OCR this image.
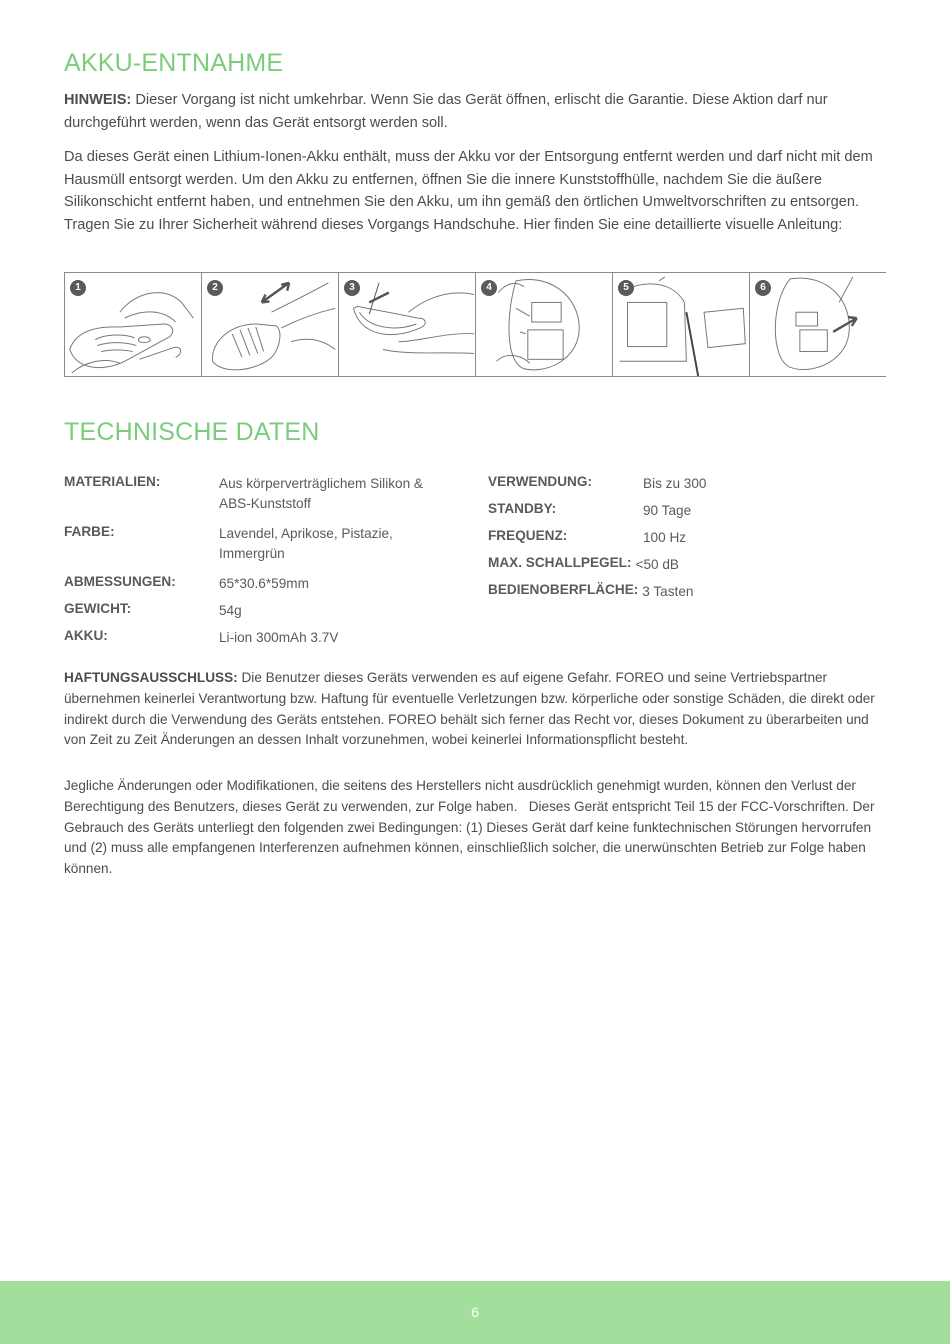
AKKU-ENTNAHME

HINWEIS: Dieser Vorgang ist nicht umkehrbar. Wenn Sie das Gerät öffnen, erlischt die Garantie. Diese Aktion darf nur durchgeführt werden, wenn das Gerät entsorgt werden soll.

Da dieses Gerät einen Lithium-Ionen-Akku enthält, muss der Akku vor der Entsorgung entfernt werden und darf nicht mit dem Hausmüll entsorgt werden. Um den Akku zu entfernen, öffnen Sie die innere Kunststoffhülle, nachdem Sie die äußere Silikonschicht entfernt haben, und entnehmen Sie den Akku, um ihn gemäß den örtlichen Umweltvorschriften zu entsorgen. Tragen Sie zu Ihrer Sicherheit während dieses Vorgangs Handschuhe. Hier finden Sie eine detaillierte visuelle Anleitung:

1	2	3	4	5	6
TECHNISCHE DATEN
MATERIALIEN:	Aus körperverträglichem Silikon & ABS-Kunststoff
FARBE:	Lavendel, Aprikose, Pistazie, Immergrün
ABMESSUNGEN:	65*30.6*59mm
GEWICHT:	54g
AKKU:	Li-ion 300mAh 3.7V
VERWENDUNG:	Bis zu 300
STANDBY:	90 Tage
FREQUENZ:	100 Hz
MAX. SCHALLPEGEL: <50 dB
BEDIENOBERFLÄCHE: 3 Tasten

HAFTUNGSAUSSCHLUSS: Die Benutzer dieses Geräts verwenden es auf eigene Gefahr. FOREO und seine Vertriebspartner übernehmen keinerlei Verantwortung bzw. Haftung für eventuelle Verletzungen bzw. körperliche oder sonstige Schäden, die direkt oder indirekt durch die Verwendung des Geräts entstehen. FOREO behält sich ferner das Recht vor, dieses Dokument zu überarbeiten und von Zeit zu Zeit Änderungen an dessen Inhalt vorzunehmen, wobei keinerlei Informationspflicht besteht.

Jegliche Änderungen oder Modifikationen, die seitens des Herstellers nicht ausdrücklich genehmigt wurden, können den Verlust der Berechtigung des Benutzers, dieses Gerät zu verwenden, zur Folge haben.   Dieses Gerät entspricht Teil 15 der FCC-Vorschriften. Der Gebrauch des Geräts unterliegt den folgenden zwei Bedingungen: (1) Dieses Gerät darf keine funktechnischen Störungen hervorrufen und (2) muss alle empfangenen Interferenzen aufnehmen können, einschließlich solcher, die unerwünschten Betrieb zur Folge haben können.

6
